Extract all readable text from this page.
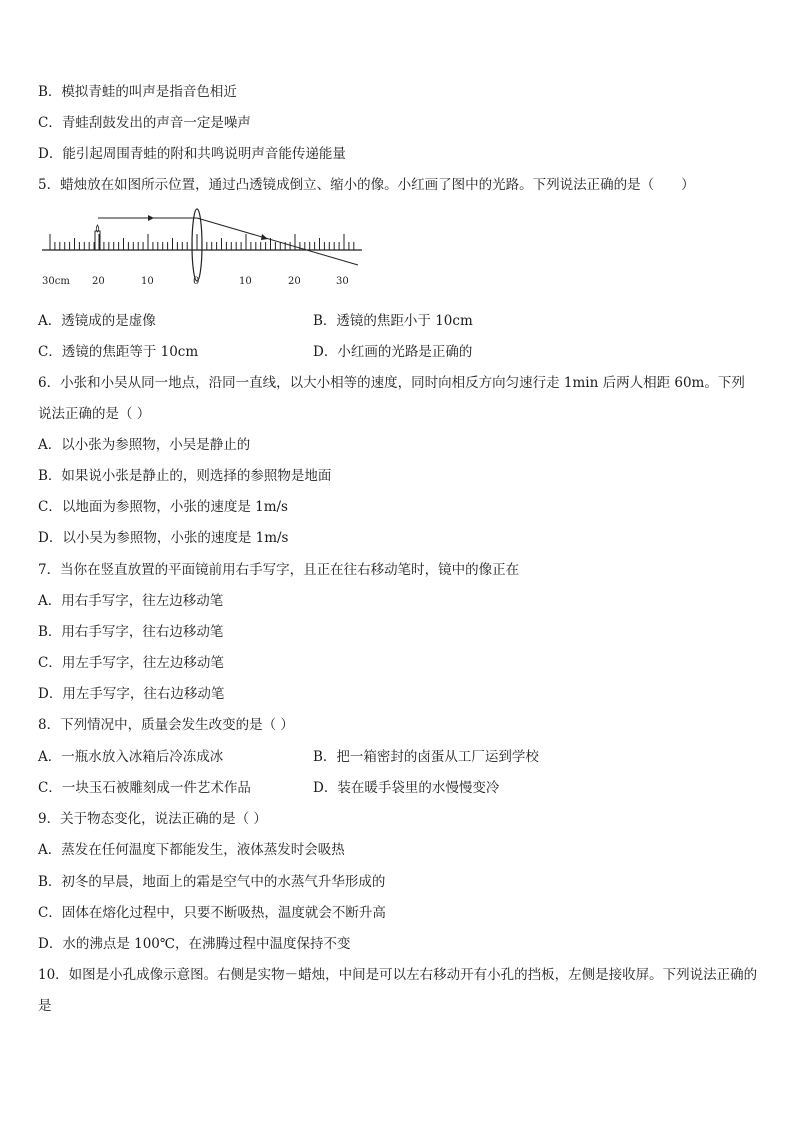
B．模拟青蛙的叫声是指音色相近
C．青蛙刮鼓发出的声音一定是噪声
D．能引起周围青蛙的附和共鸣说明声音能传递能量
5．蜡烛放在如图所示位置，通过凸透镜成倒立、缩小的像。小红画了图中的光路。下列说法正确的是（　　）
30cm 20	10	0	10	20	30
A．透镜成的是虚像	B．透镜的焦距小于 10cm
C．透镜的焦距等于 10cm	D．小红画的光路是正确的
6．小张和小吴从同一地点，沿同一直线，以大小相等的速度，同时向相反方向匀速行走 1min 后两人相距 60m。下列说法正确的是（ ）
A．以小张为参照物，小吴是静止的
B．如果说小张是静止的，则选择的参照物是地面
C．以地面为参照物，小张的速度是 1m/s
D．以小吴为参照物，小张的速度是 1m/s
7．当你在竖直放置的平面镜前用右手写字，且正在往右移动笔时，镜中的像正在
A．用右手写字，往左边移动笔
B．用右手写字，往右边移动笔
C．用左手写字，往左边移动笔
D．用左手写字，往右边移动笔
8．下列情况中，质量会发生改变的是（ ）
A．一瓶水放入冰箱后冷冻成冰	B．把一箱密封的卤蛋从工厂运到学校
C．一块玉石被雕刻成一件艺术作品	D．装在暖手袋里的水慢慢变冷
9．关于物态变化，说法正确的是（ ）
A．蒸发在任何温度下都能发生，液体蒸发时会吸热
B．初冬的早晨，地面上的霜是空气中的水蒸气升华形成的
C．固体在熔化过程中，只要不断吸热，温度就会不断升高
D．水的沸点是 100℃，在沸腾过程中温度保持不变
10．如图是小孔成像示意图。右侧是实物－蜡烛，中间是可以左右移动开有小孔的挡板，左侧是接收屏。下列说法正确的是
